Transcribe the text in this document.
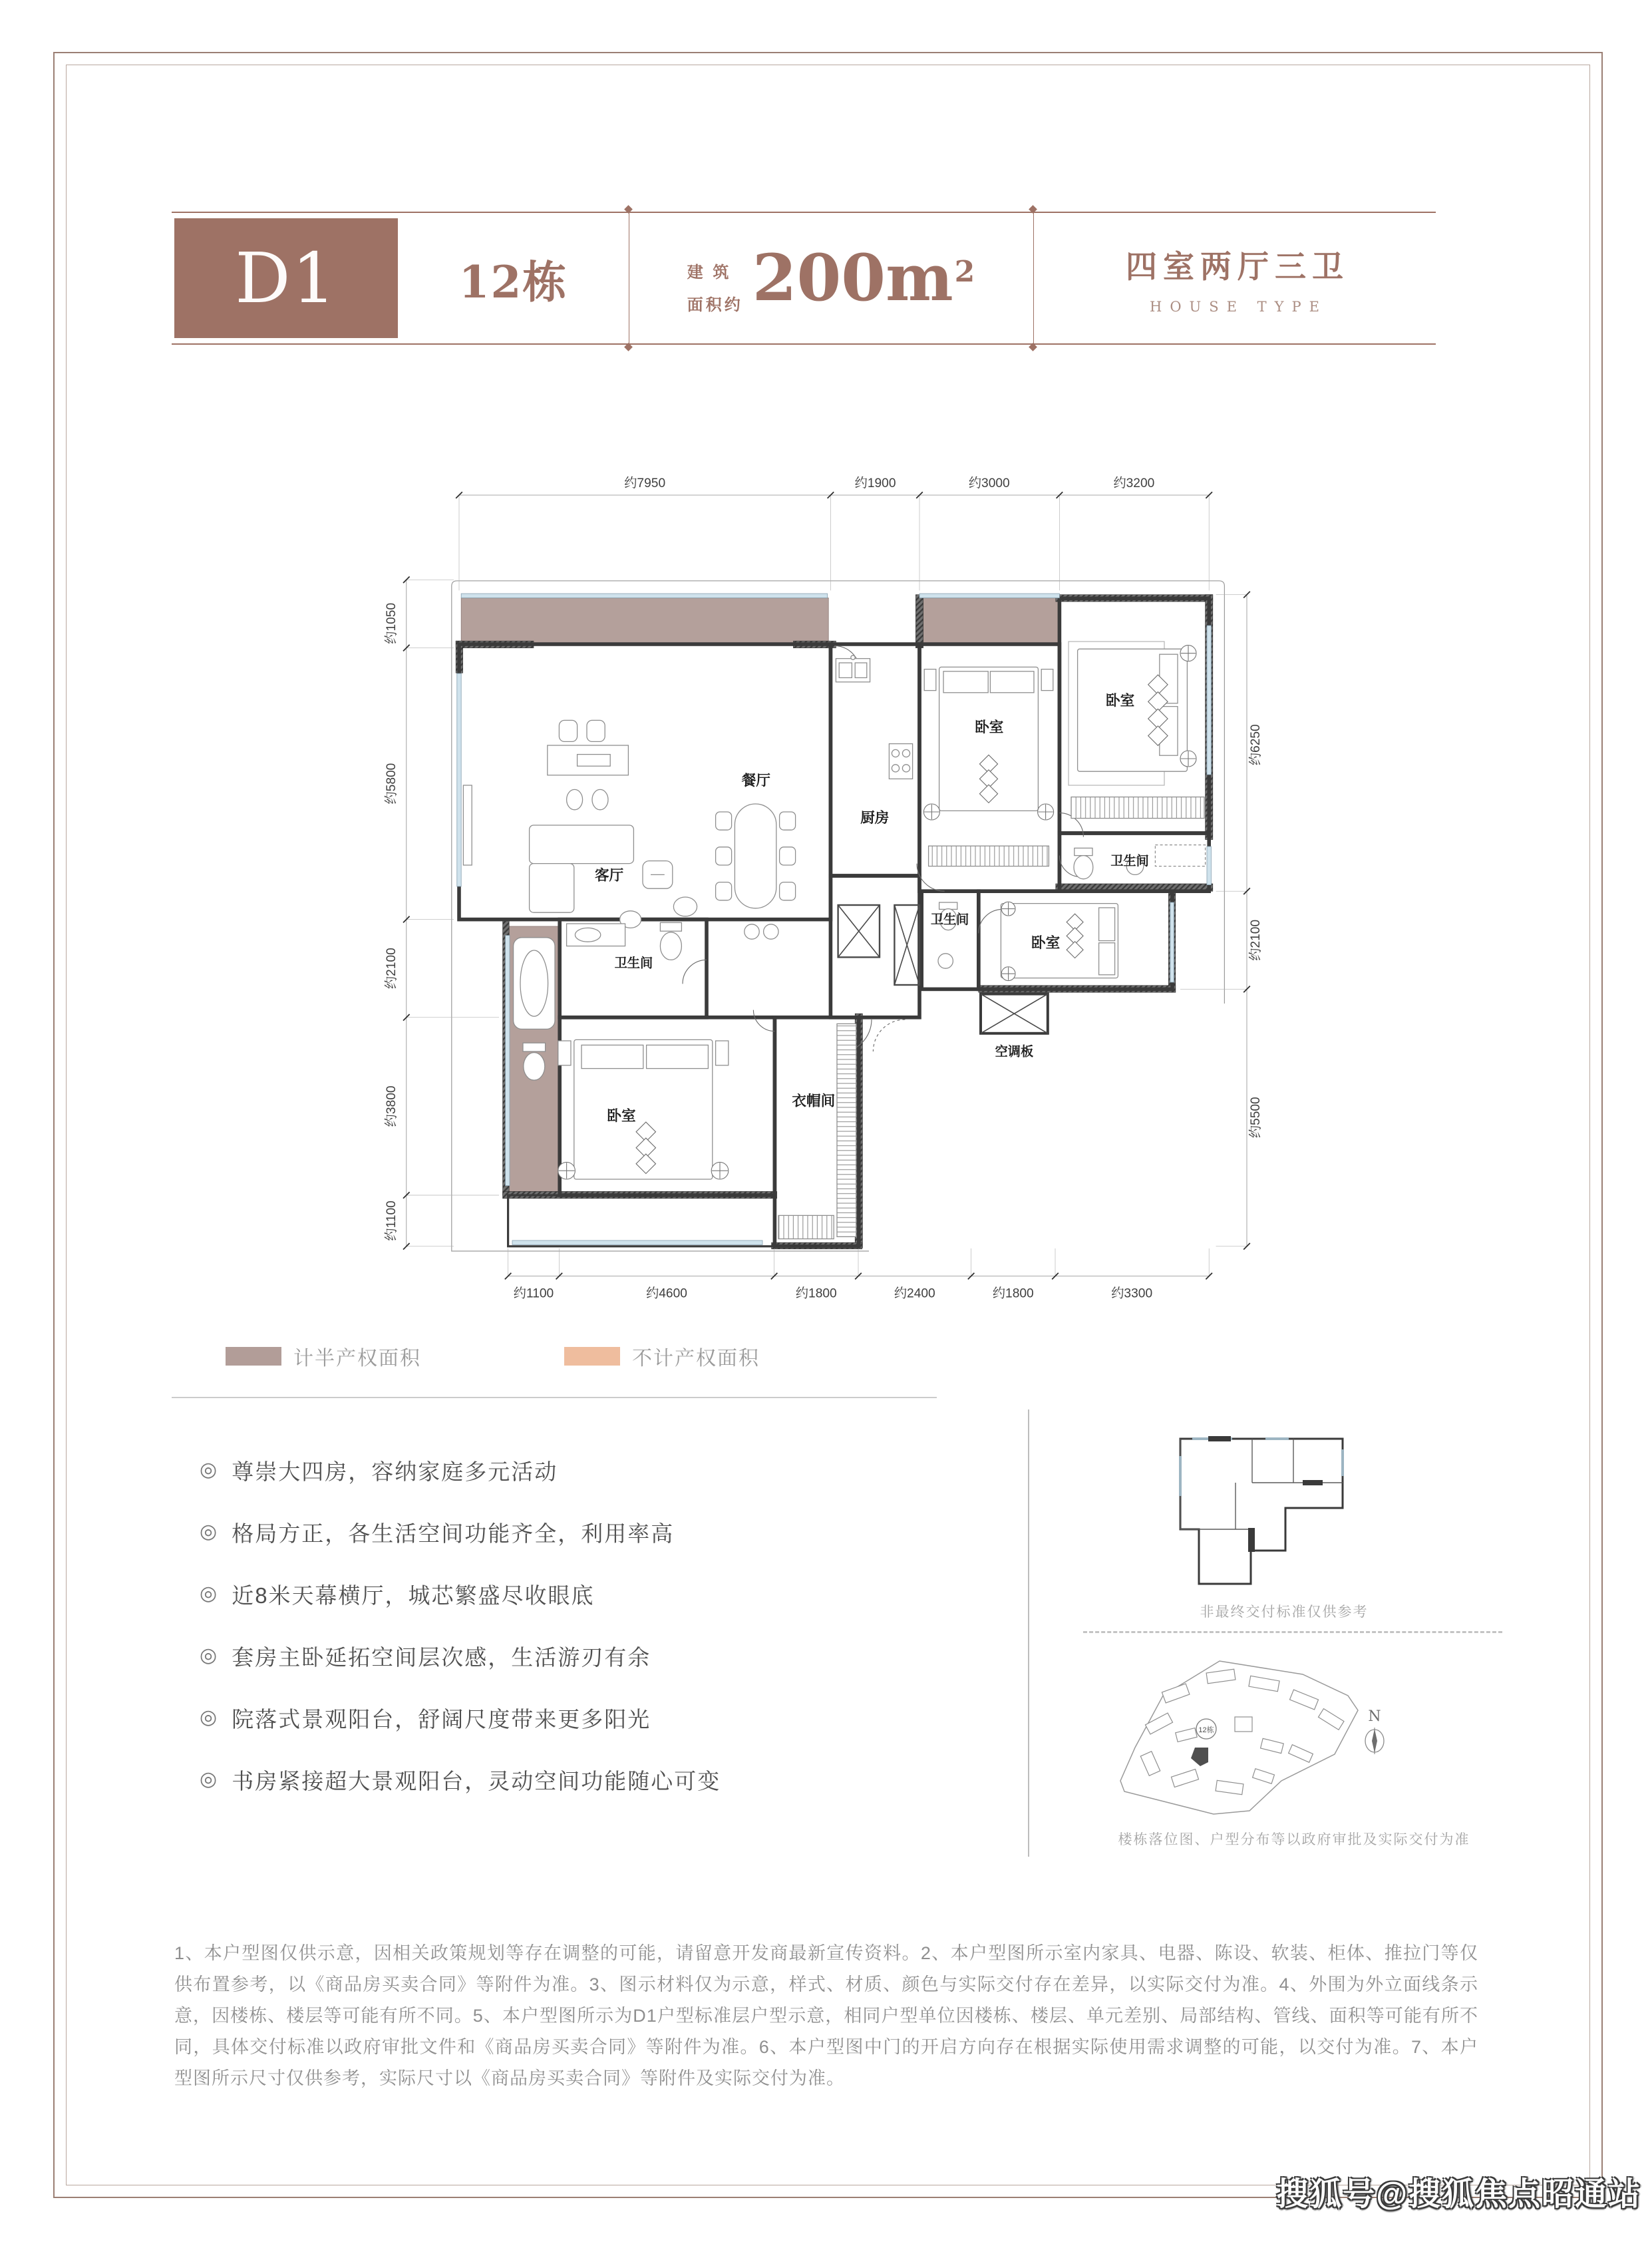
D1	12栋	建 筑
面积约 $200m^2$	四室两厅三卫
HOUSE TYPE
餐厅
厨房
客厅
卧室
卧室
卫生间
卧室
卫生间
空调板
卫生间
卧室
衣帽间
约7950	约1900	约3000	约3200
约1100	约4600	约1800	约2400	约1800	约3300
约1050
约5800
约2100
约3800
约1100
约6250
约2100
约5500
计半产权面积	不计产权面积
◎ 尊崇大四房，容纳家庭多元活动
◎ 格局方正，各生活空间功能齐全，利用率高
◎ 近8米天幕横厅，城芯繁盛尽收眼底
◎ 套房主卧延拓空间层次感，生活游刃有余
◎ 院落式景观阳台，舒阔尺度带来更多阳光
◎ 书房紧接超大景观阳台，灵动空间功能随心可变
非最终交付标准仅供参考
12栋
N
楼栋落位图、户型分布等以政府审批及实际交付为准
1、本户型图仅供示意，因相关政策规划等存在调整的可能，请留意开发商最新宣传资料。2、本户型图所示室内家具、电器、陈设、软装、柜体、推拉门等仅供布置参考，以《商品房买卖合同》等附件为准。3、图示材料仅为示意，样式、材质、颜色与实际交付存在差异，以实际交付为准。4、外围为外立面线条示意，因楼栋、楼层等可能有所不同。5、本户型图所示为D1户型标准层户型示意，相同户型单位因楼栋、楼层、单元差别、局部结构、管线、面积等可能有所不同，具体交付标准以政府审批文件和《商品房买卖合同》等附件为准。6、本户型图中门的开启方向存在根据实际使用需求调整的可能，以交付为准。7、本户型图所示尺寸仅供参考，实际尺寸以《商品房买卖合同》等附件及实际交付为准。
搜狐号@搜狐焦点昭通站
